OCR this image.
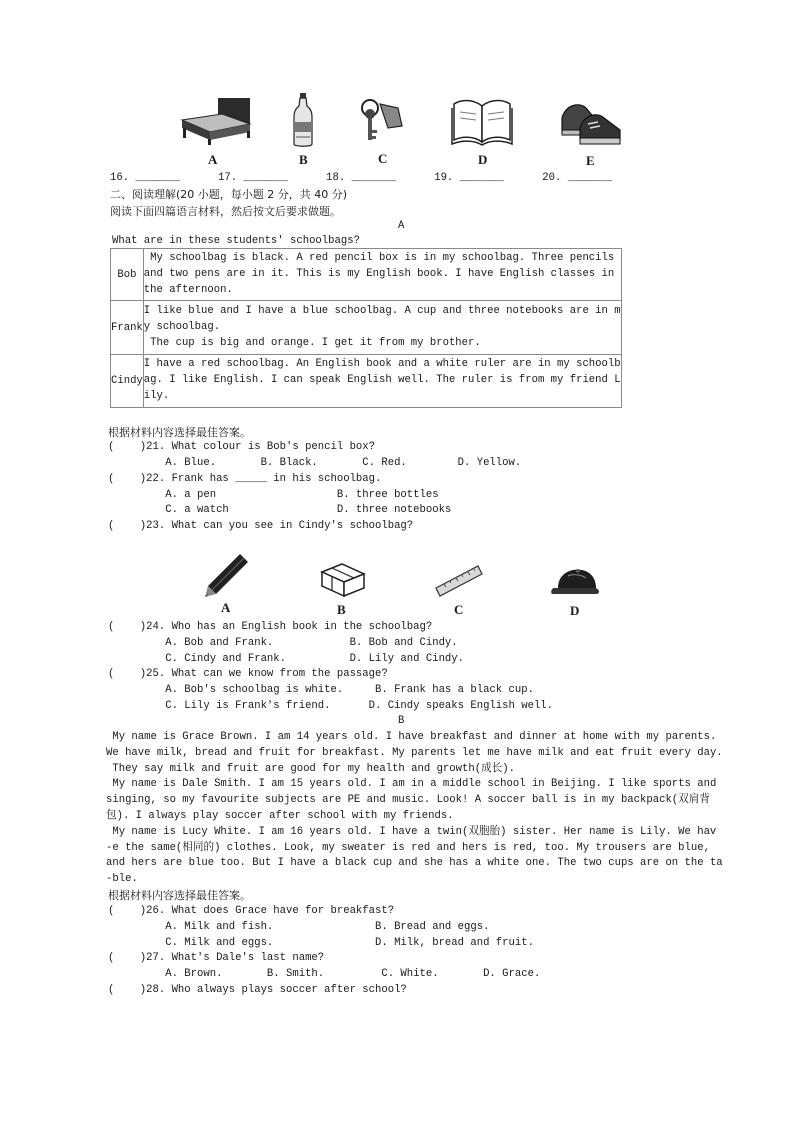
A	B	C	D	E
16. _______      17. _______      18. _______      19. _______      20. _______
二、阅读理解(20 小题，每小题 2 分，共 40 分)
阅读下面四篇语言材料，然后按文后要求做题。
A
What are in these students' schoolbags?
Bob	My schoolbag is black. A red pencil box is in my schoolbag. Three pencils
and two pens are in it. This is my English book. I have English classes in
the afternoon.

Frank	I like blue and I have a blue schoolbag. A cup and three notebooks are in m
y schoolbag.
The cup is big and orange. I get it from my brother.

Cindy	I have a red schoolbag. An English book and a white ruler are in my schoolb
ag. I like English. I can speak English well. The ruler is from my friend L
ily.
根据材料内容选择最佳答案。
(    )21. What colour is Bob's pencil box?
A. Blue.       B. Black.       C. Red.        D. Yellow.
(    )22. Frank has _____ in his schoolbag.
A. a pen                   B. three bottles
C. a watch                 D. three notebooks
(    )23. What can you see in Cindy's schoolbag?
A	B	C	D
(    )24. Who has an English book in the schoolbag?
A. Bob and Frank.            B. Bob and Cindy.
C. Cindy and Frank.          D. Lily and Cindy.
(    )25. What can we know from the passage?
A. Bob's schoolbag is white.     B. Frank has a black cup.
C. Lily is Frank's friend.      D. Cindy speaks English well.
B
My name is Grace Brown. I am 14 years old. I have breakfast and dinner at home with my parents.
We have milk, bread and fruit for breakfast. My parents let me have milk and eat fruit every day.
They say milk and fruit are good for my health and growth(成长).
My name is Dale Smith. I am 15 years old. I am in a middle school in Beijing. I like sports and
singing, so my favourite subjects are PE and music. Look! A soccer ball is in my backpack(双肩背
包). I always play soccer after school with my friends.
My name is Lucy White. I am 16 years old. I have a twin(双胞胎) sister. Her name is Lily. We hav
-e the same(相同的) clothes. Look, my sweater is red and hers is red, too. My trousers are blue,
and hers are blue too. But I have a black cup and she has a white one. The two cups are on the ta
-ble.
根据材料内容选择最佳答案。
(    )26. What does Grace have for breakfast?
A. Milk and fish.                B. Bread and eggs.
C. Milk and eggs.                D. Milk, bread and fruit.
(    )27. What's Dale's last name?
A. Brown.       B. Smith.         C. White.       D. Grace.
(    )28. Who always plays soccer after school?
